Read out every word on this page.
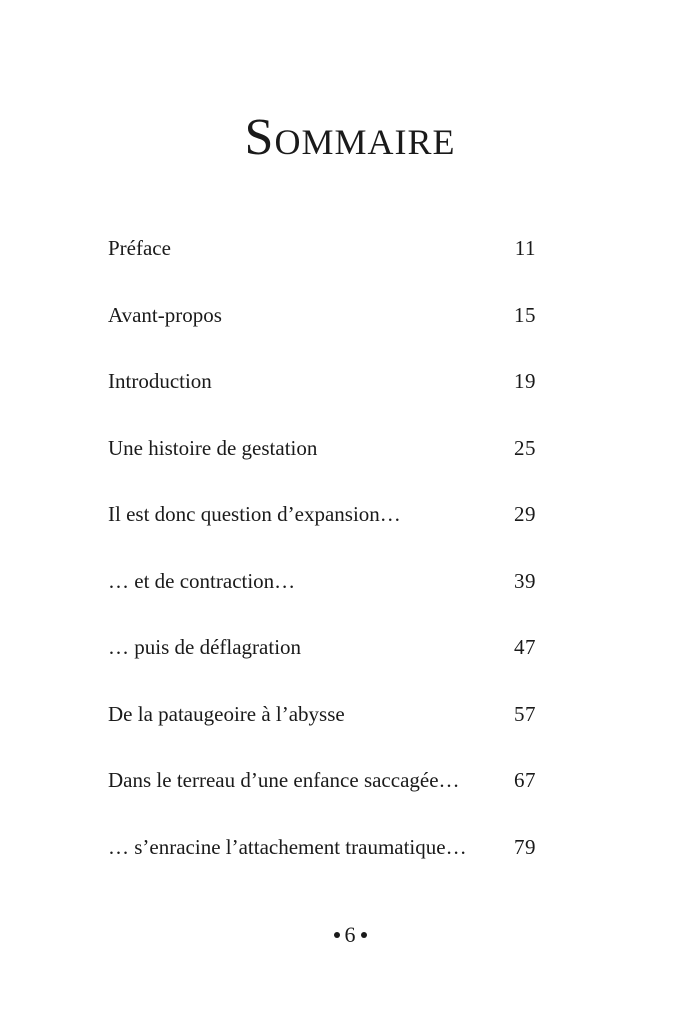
Sommaire
Préface	11
Avant-propos	15
Introduction	19
Une histoire de gestation	25
Il est donc question d’expansion…	29
… et de contraction…	39
… puis de déflagration	47
De la pataugeoire à l’abysse	57
Dans le terreau d’une enfance saccagée…	67
… s’enracine l’attachement traumatique… 79
6
